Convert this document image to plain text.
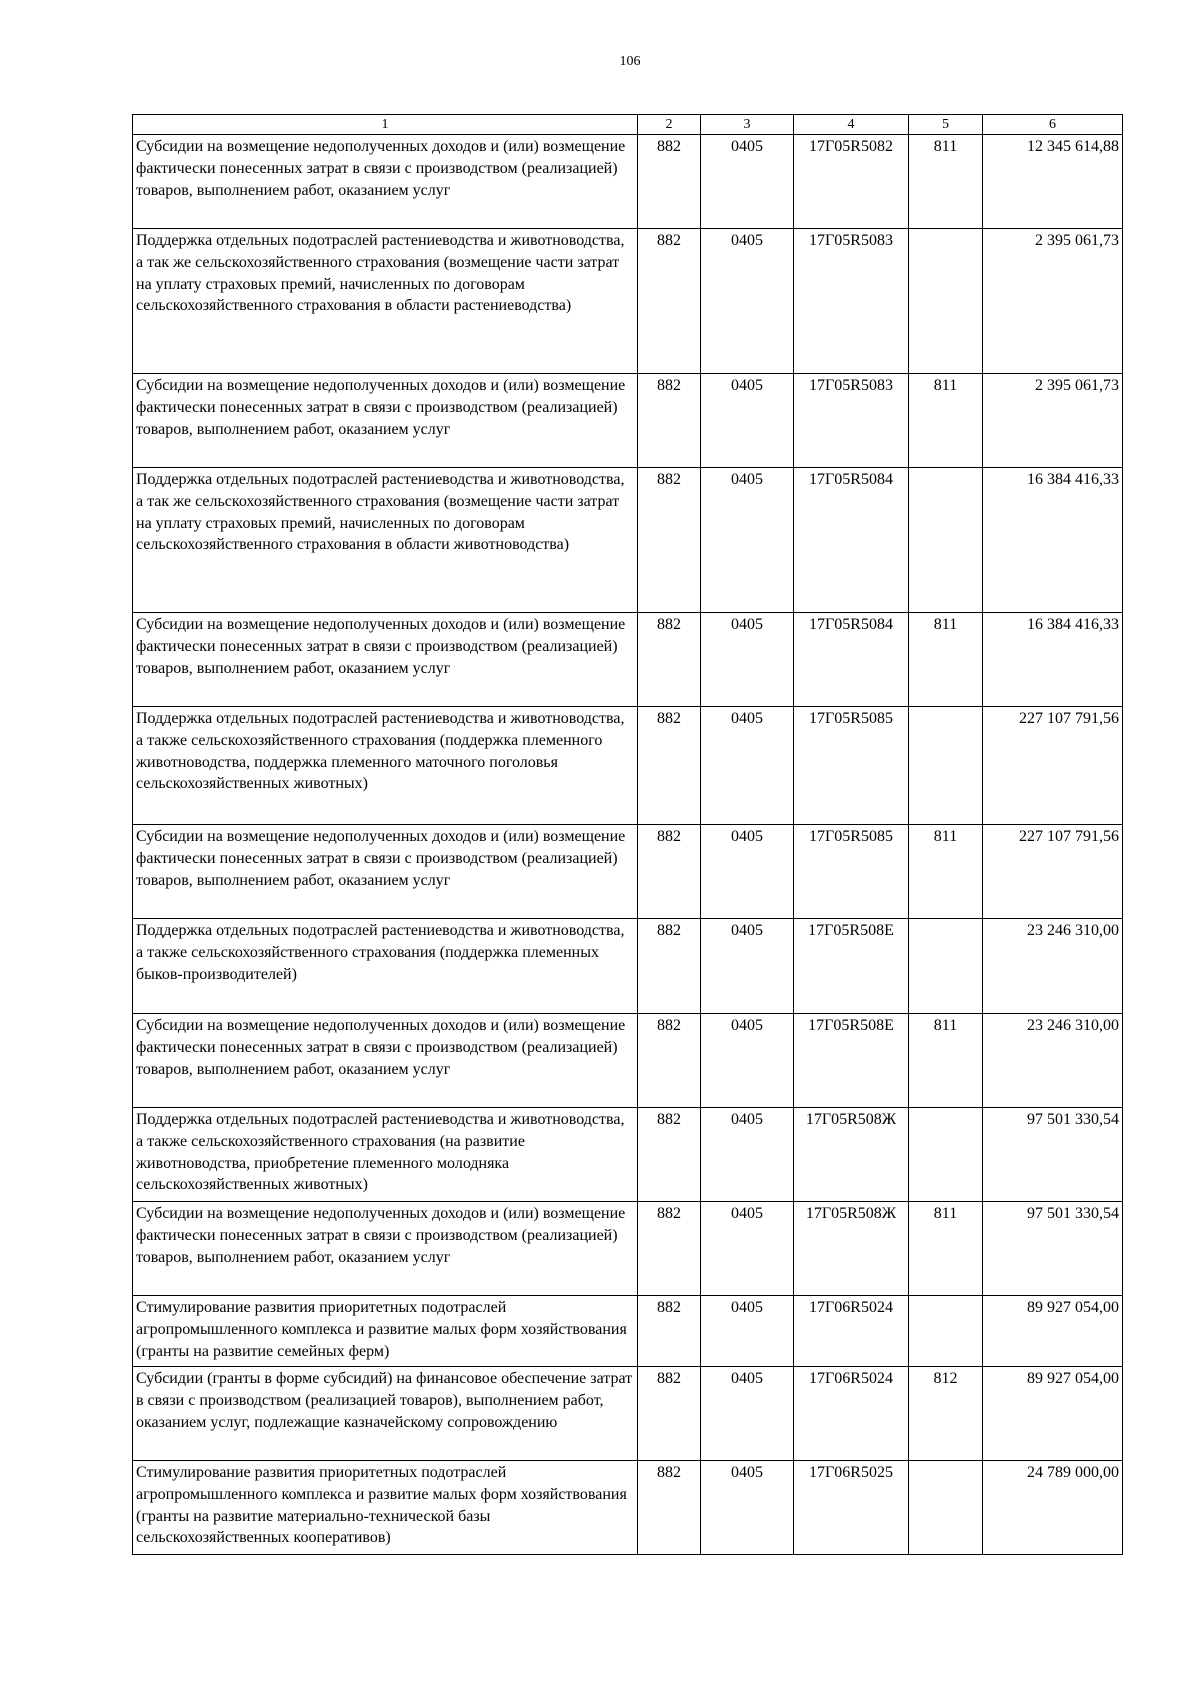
106
1	2	3	4	5	6
Субсидии на возмещение недополученных доходов и (или) возмещение фактически понесенных затрат в связи с производством (реализацией) товаров, выполнением работ, оказанием услуг	882	0405	17Г05R5082	811	12 345 614,88
Поддержка отдельных подотраслей растениеводства и животноводства, а так же сельскохозяйственного страхования (возмещение части затрат на уплату страховых премий, начисленных по договорам сельскохозяйственного страхования в области растениеводства)	882	0405	17Г05R5083		2 395 061,73
Субсидии на возмещение недополученных доходов и (или) возмещение фактически понесенных затрат в связи с производством (реализацией) товаров, выполнением работ, оказанием услуг	882	0405	17Г05R5083	811	2 395 061,73
Поддержка отдельных подотраслей растениеводства и животноводства, а так же сельскохозяйственного страхования (возмещение части затрат на уплату страховых премий, начисленных по договорам сельскохозяйственного страхования в области животноводства)	882	0405	17Г05R5084		16 384 416,33
Субсидии на возмещение недополученных доходов и (или) возмещение фактически понесенных затрат в связи с производством (реализацией) товаров, выполнением работ, оказанием услуг	882	0405	17Г05R5084	811	16 384 416,33
Поддержка отдельных подотраслей растениеводства и животноводства, а также сельскохозяйственного страхования (поддержка племенного животноводства, поддержка племенного маточного поголовья сельскохозяйственных животных)	882	0405	17Г05R5085		227 107 791,56
Субсидии на возмещение недополученных доходов и (или) возмещение фактически понесенных затрат в связи с производством (реализацией) товаров, выполнением работ, оказанием услуг	882	0405	17Г05R5085	811	227 107 791,56
Поддержка отдельных подотраслей растениеводства и животноводства, а также сельскохозяйственного страхования (поддержка племенных быков-производителей)	882	0405	17Г05R508Е		23 246 310,00
Субсидии на возмещение недополученных доходов и (или) возмещение фактически понесенных затрат в связи с производством (реализацией) товаров, выполнением работ, оказанием услуг	882	0405	17Г05R508Е	811	23 246 310,00
Поддержка отдельных подотраслей растениеводства и животноводства, а также сельскохозяйственного страхования (на развитие животноводства, приобретение племенного молодняка сельскохозяйственных животных)	882	0405	17Г05R508Ж		97 501 330,54
Субсидии на возмещение недополученных доходов и (или) возмещение фактически понесенных затрат в связи с производством (реализацией) товаров, выполнением работ, оказанием услуг	882	0405	17Г05R508Ж	811	97 501 330,54
Стимулирование развития приоритетных подотраслей агропромышленного комплекса и развитие малых форм хозяйствования (гранты на развитие семейных ферм)	882	0405	17Г06R5024		89 927 054,00
Субсидии (гранты в форме субсидий) на финансовое обеспечение затрат в связи с производством (реализацией товаров), выполнением работ, оказанием услуг, подлежащие казначейскому сопровождению	882	0405	17Г06R5024	812	89 927 054,00
Стимулирование развития приоритетных подотраслей агропромышленного комплекса и развитие малых форм хозяйствования (гранты на развитие материально-технической базы сельскохозяйственных кооперативов)	882	0405	17Г06R5025		24 789 000,00
